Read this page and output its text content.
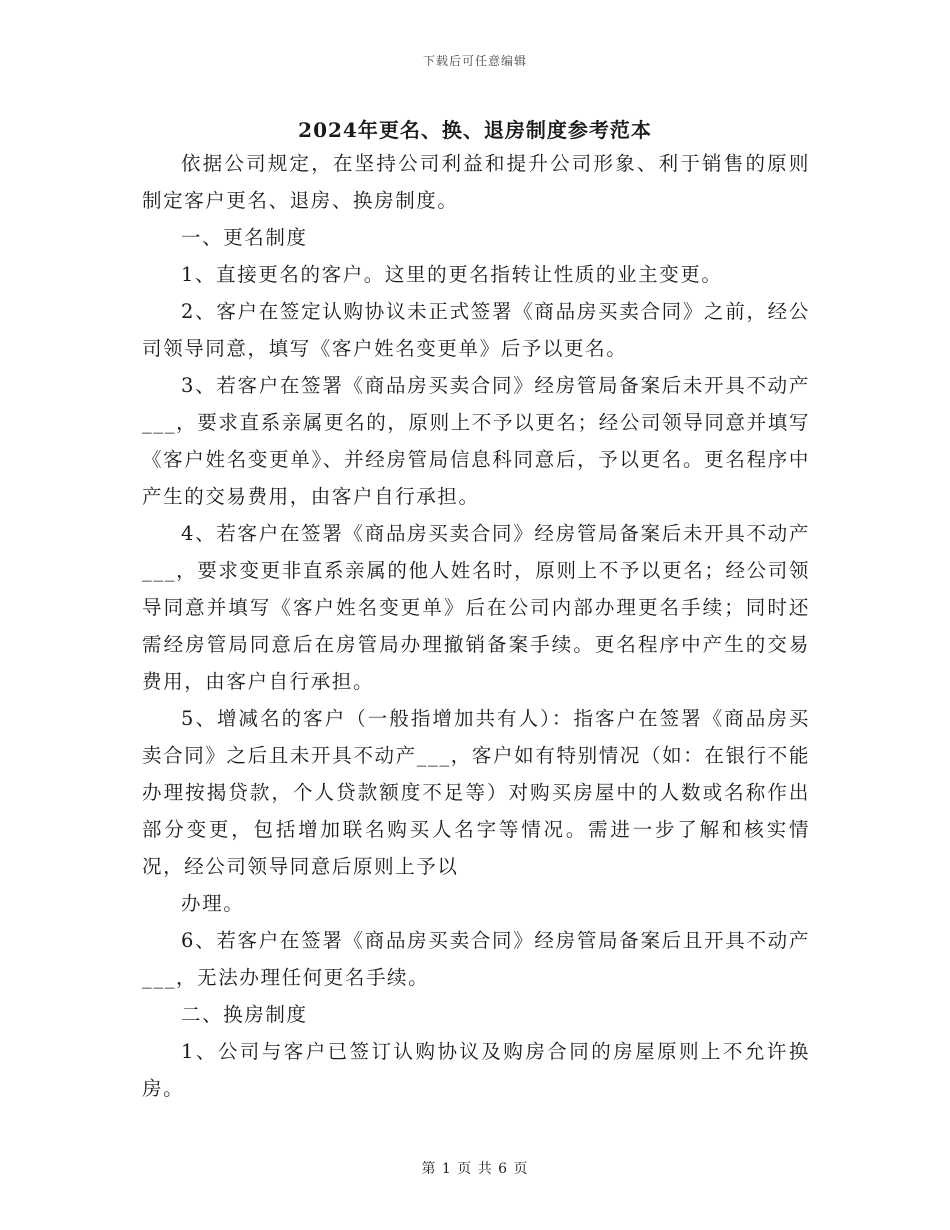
下载后可任意编辑
2024年更名、换、退房制度参考范本

依据公司规定，在坚持公司利益和提升公司形象、利于销售的原则制定客户更名、退房、换房制度。

一、更名制度

1、直接更名的客户。这里的更名指转让性质的业主变更。

2、客户在签定认购协议未正式签署《商品房买卖合同》之前，经公司领导同意，填写《客户姓名变更单》后予以更名。

3、若客户在签署《商品房买卖合同》经房管局备案后未开具不动产___，要求直系亲属更名的，原则上不予以更名；经公司领导同意并填写《客户姓名变更单》、并经房管局信息科同意后，予以更名。更名程序中产生的交易费用，由客户自行承担。

4、若客户在签署《商品房买卖合同》经房管局备案后未开具不动产___，要求变更非直系亲属的他人姓名时，原则上不予以更名；经公司领导同意并填写《客户姓名变更单》后在公司内部办理更名手续；同时还需经房管局同意后在房管局办理撤销备案手续。更名程序中产生的交易费用，由客户自行承担。

5、增减名的客户（一般指增加共有人）：指客户在签署《商品房买卖合同》之后且未开具不动产___，客户如有特别情况（如：在银行不能办理按揭贷款，个人贷款额度不足等）对购买房屋中的人数或名称作出部分变更，包括增加联名购买人名字等情况。需进一步了解和核实情况，经公司领导同意后原则上予以

办理。

6、若客户在签署《商品房买卖合同》经房管局备案后且开具不动产___，无法办理任何更名手续。

二、换房制度

1、公司与客户已签订认购协议及购房合同的房屋原则上不允许换房。

第 1 页 共 6 页
